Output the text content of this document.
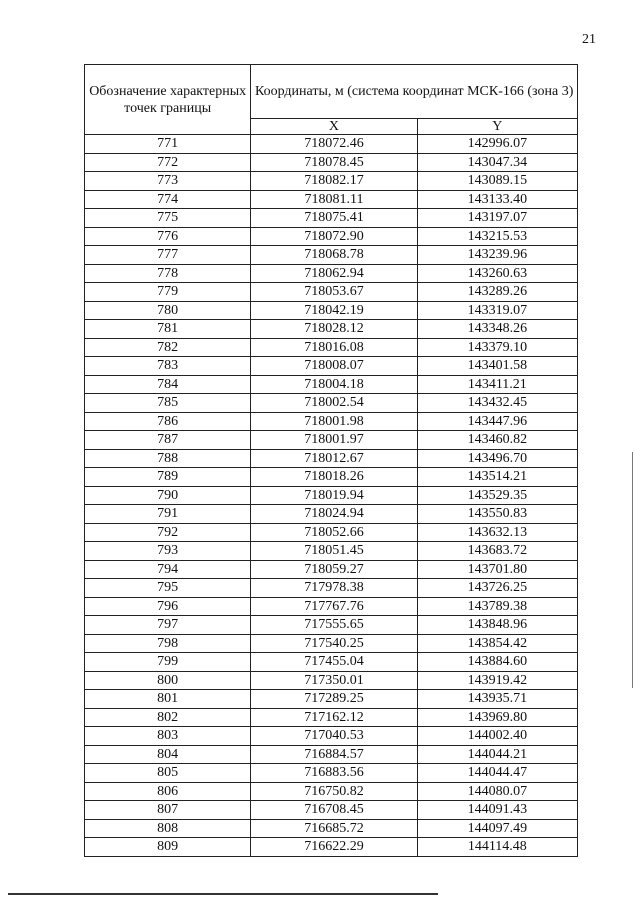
21
Обозначение характерных точек границы	Координаты, м (система координат МСК-166 (зона 3)	
	X	Y
771	718072.46	142996.07
772	718078.45	143047.34
773	718082.17	143089.15
774	718081.11	143133.40
775	718075.41	143197.07
776	718072.90	143215.53
777	718068.78	143239.96
778	718062.94	143260.63
779	718053.67	143289.26
780	718042.19	143319.07
781	718028.12	143348.26
782	718016.08	143379.10
783	718008.07	143401.58
784	718004.18	143411.21
785	718002.54	143432.45
786	718001.98	143447.96
787	718001.97	143460.82
788	718012.67	143496.70
789	718018.26	143514.21
790	718019.94	143529.35
791	718024.94	143550.83
792	718052.66	143632.13
793	718051.45	143683.72
794	718059.27	143701.80
795	717978.38	143726.25
796	717767.76	143789.38
797	717555.65	143848.96
798	717540.25	143854.42
799	717455.04	143884.60
800	717350.01	143919.42
801	717289.25	143935.71
802	717162.12	143969.80
803	717040.53	144002.40
804	716884.57	144044.21
805	716883.56	144044.47
806	716750.82	144080.07
807	716708.45	144091.43
808	716685.72	144097.49
809	716622.29	144114.48
